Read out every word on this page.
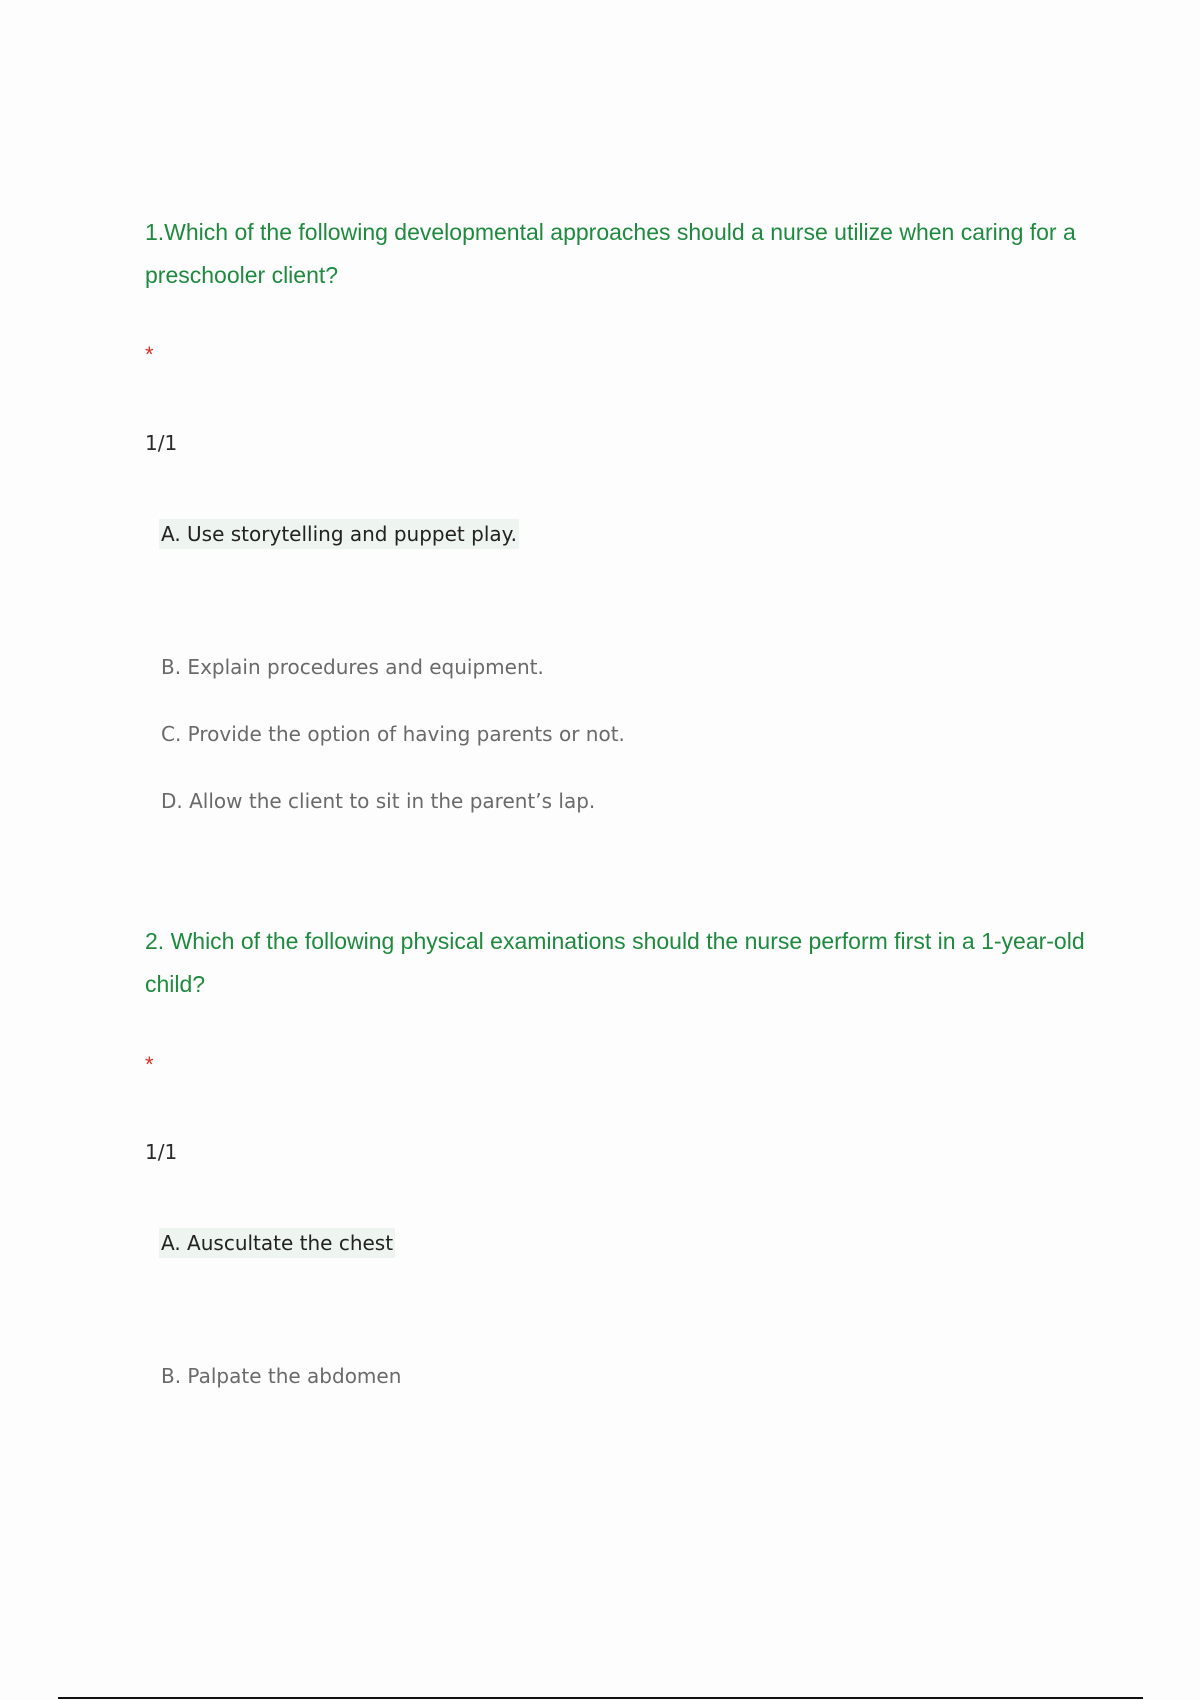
1.Which of the following developmental approaches should a nurse utilize when caring for a preschooler client?
*
1/1
A. Use storytelling and puppet play.
B. Explain procedures and equipment.
C. Provide the option of having parents or not.
D. Allow the client to sit in the parent’s lap.
2. Which of the following physical examinations should the nurse perform first in a 1-year-old child?
*
1/1
A. Auscultate the chest
B. Palpate the abdomen
